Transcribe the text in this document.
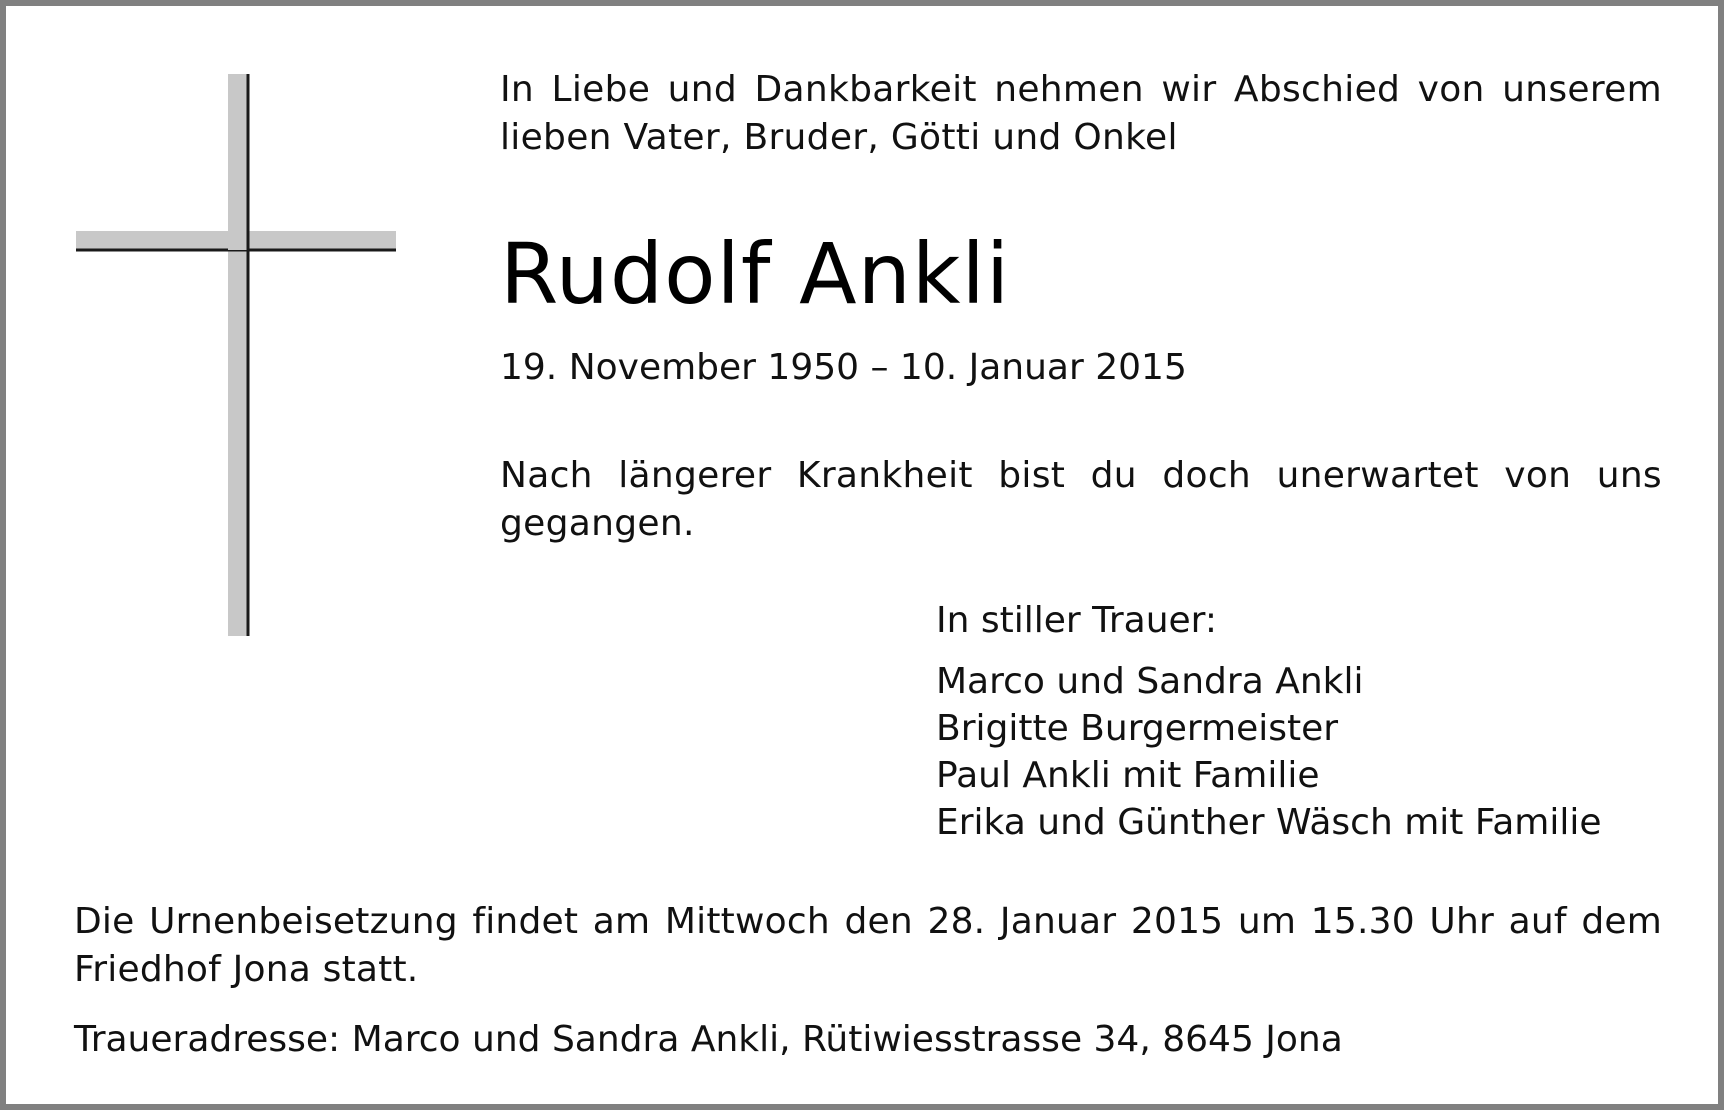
In Liebe und Dankbarkeit nehmen wir Abschied von unserem lieben Vater, Bruder, Götti und Onkel

Rudolf Ankli

19. November 1950 – 10. Januar 2015

Nach längerer Krankheit bist du doch unerwartet von uns gegangen.

In stiller Trauer:

Marco und Sandra Ankli
Brigitte Burgermeister
Paul Ankli mit Familie
Erika und Günther Wäsch mit Familie

Die Urnenbeisetzung findet am Mittwoch den 28. Januar 2015 um 15.30 Uhr auf dem Friedhof Jona statt.

Traueradresse: Marco und Sandra Ankli, Rütiwiesstrasse 34, 8645 Jona
